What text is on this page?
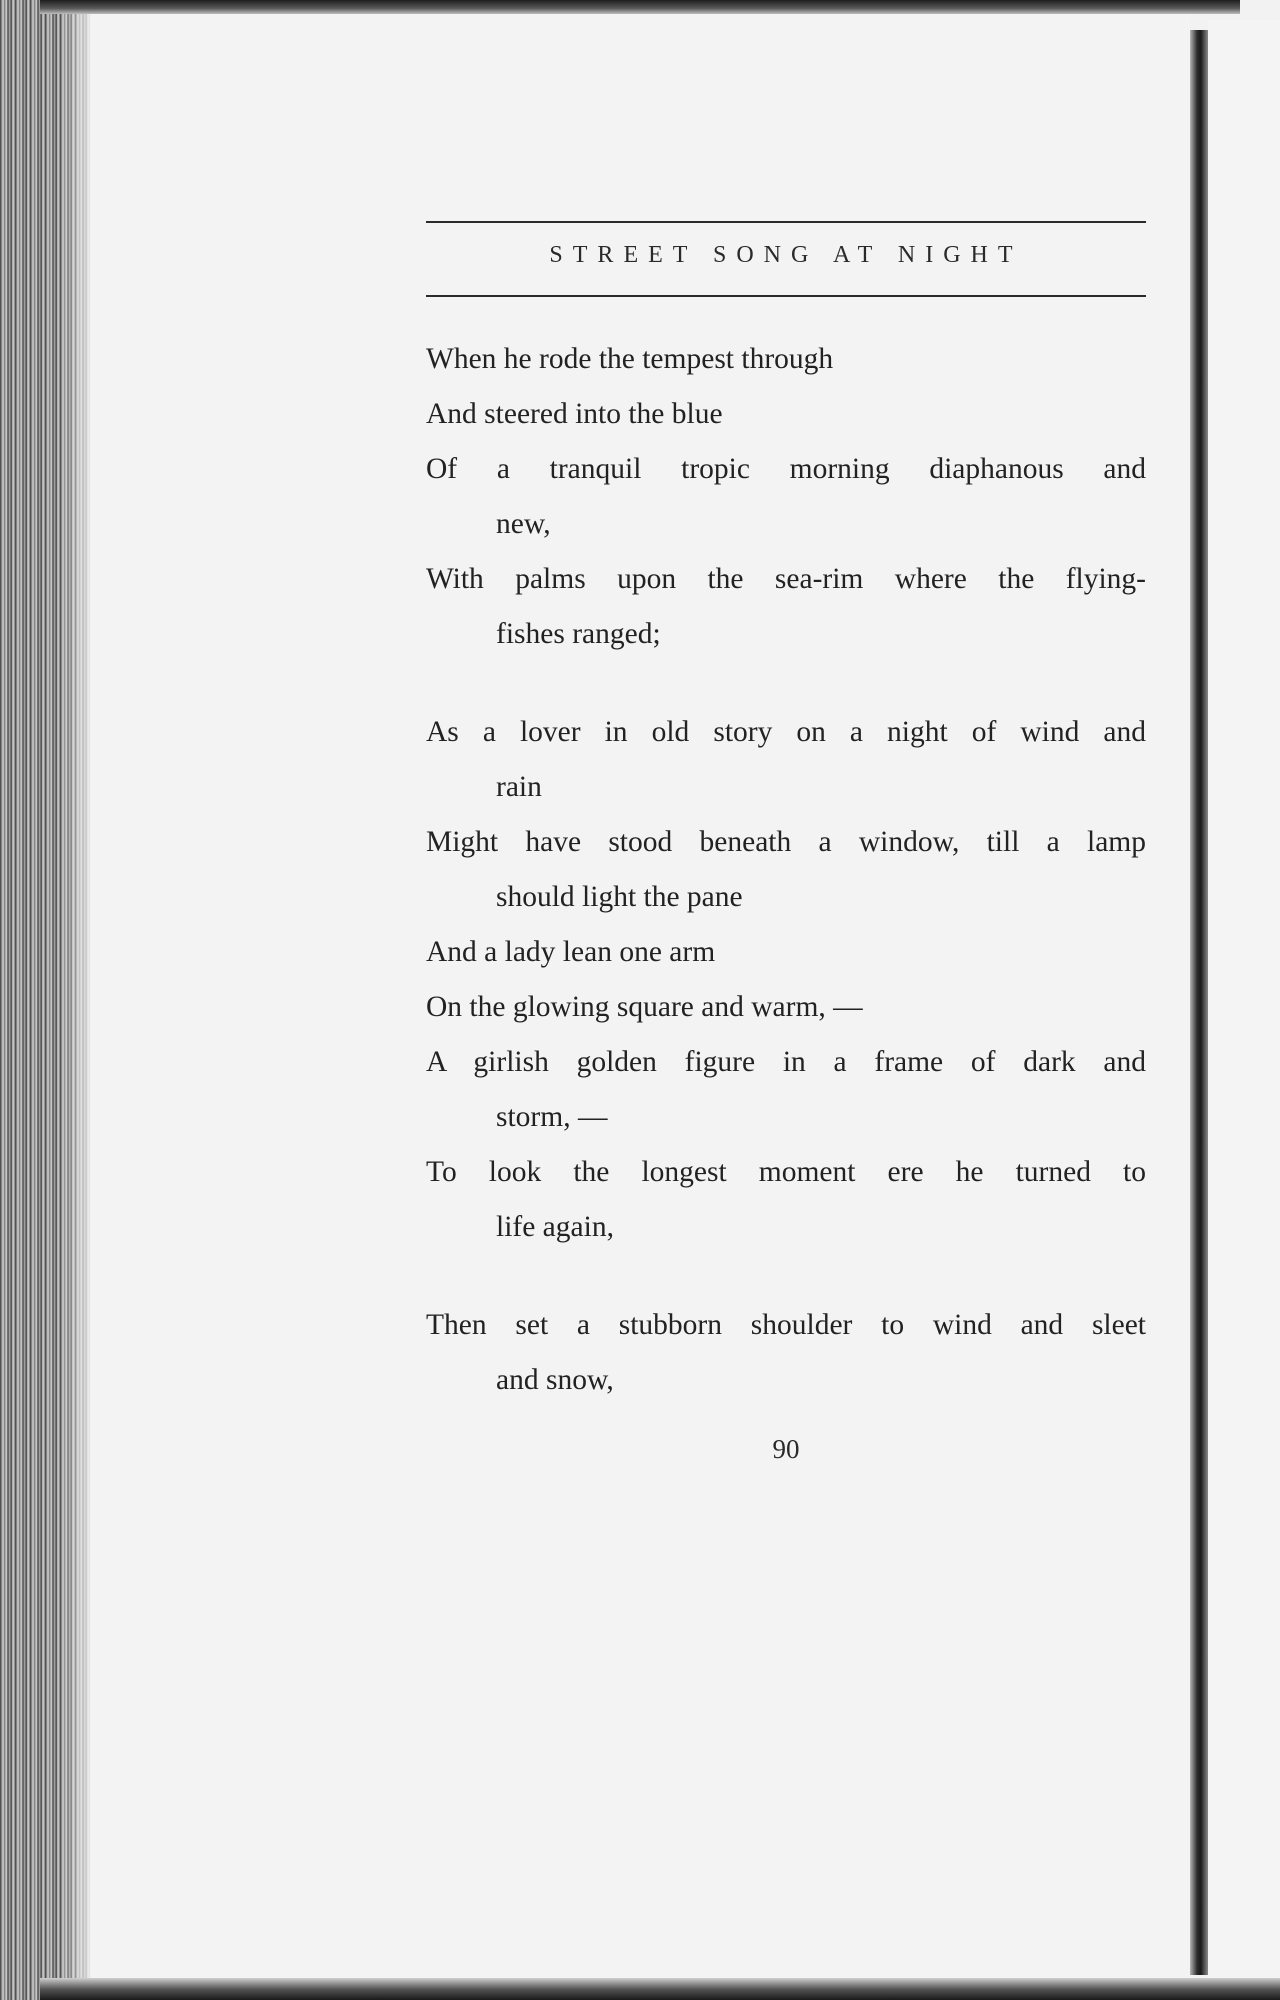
STREET SONG AT NIGHT
When he rode the tempest through
And steered into the blue
Of a tranquil tropic morning diaphanous and
new,
With palms upon the sea-rim where the flying-
fishes ranged;
As a lover in old story on a night of wind and
rain
Might have stood beneath a window, till a lamp
should light the pane
And a lady lean one arm
On the glowing square and warm, —
A girlish golden figure in a frame of dark and
storm, —
To look the longest moment ere he turned to
life again,
Then set a stubborn shoulder to wind and sleet
and snow,
90
